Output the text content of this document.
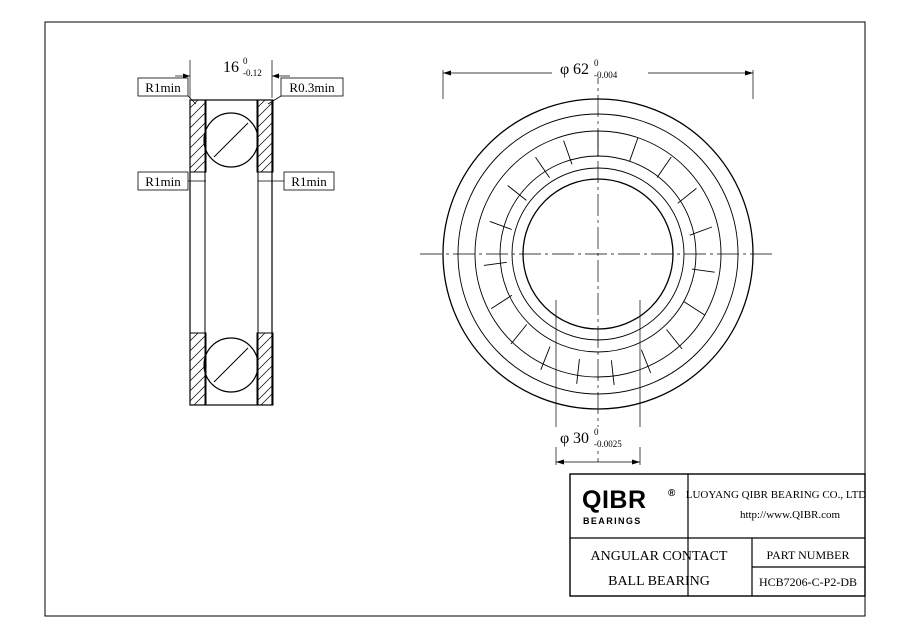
16 0
-0.12
R1min	R0.3min
R1min	R1min
φ 62 0
-0.004
φ 30 0
-0.0025
QIBR ®
BEARINGS
LUOYANG QIBR BEARING CO., LTD
http://www.QIBR.com
ANGULAR CONTACT
BALL BEARING
PART NUMBER
HCB7206-C-P2-DB
